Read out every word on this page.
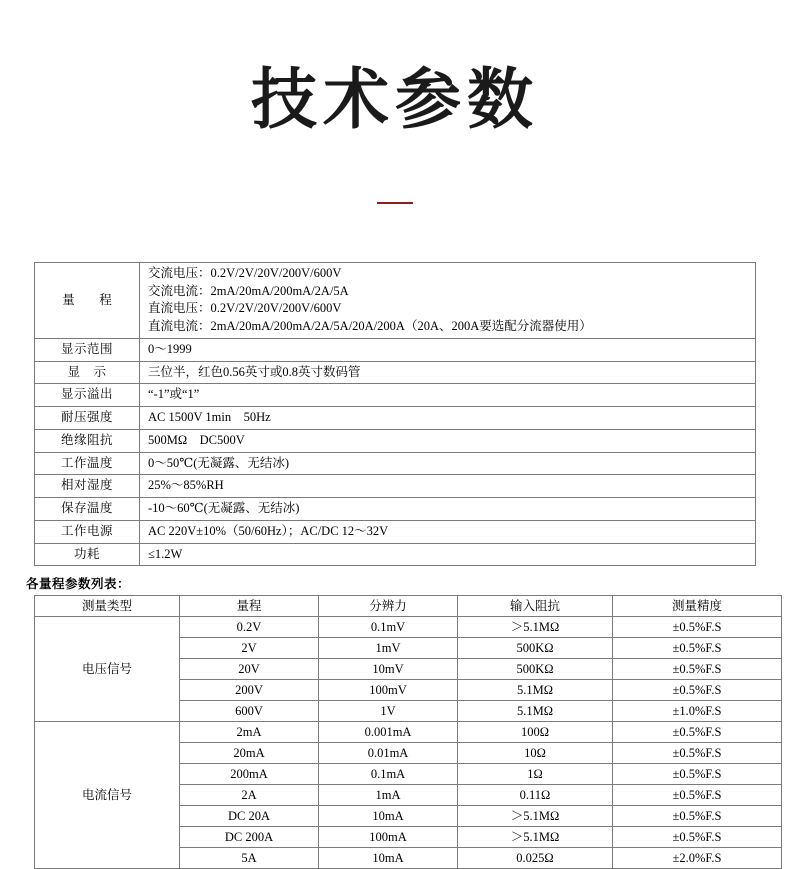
技术参数
量　程	交流电压：0.2V/2V/20V/200V/600V
交流电流：2mA/20mA/200mA/2A/5A
直流电压：0.2V/2V/20V/200V/600V
直流电流：2mA/20mA/200mA/2A/5A/20A/200A（20A、200A要选配分流器使用）

显示范围	0～1999
显　示	三位半，红色0.56英寸或0.8英寸数码管
显示溢出	“-1”或“1”
耐压强度	AC 1500V 1min　50Hz
绝缘阻抗	500MΩ　DC500V
工作温度	0～50℃(无凝露、无结冰)
相对湿度	25%～85%RH
保存温度	-10～60℃(无凝露、无结冰)
工作电源	AC 220V±10%（50/60Hz）；AC/DC 12～32V
功耗	≤1.2W
各量程参数列表：
测量类型	量程	分辨力	输入阻抗	测量精度
电压信号	0.2V	0.1mV	＞5.1MΩ	±0.5%F.S
	2V	1mV	500KΩ	±0.5%F.S
	20V	10mV	500KΩ	±0.5%F.S
	200V	100mV	5.1MΩ	±0.5%F.S
	600V	1V	5.1MΩ	±1.0%F.S
电流信号	2mA	0.001mA	100Ω	±0.5%F.S
	20mA	0.01mA	10Ω	±0.5%F.S
	200mA	0.1mA	1Ω	±0.5%F.S
	2A	1mA	0.11Ω	±0.5%F.S
	DC 20A	10mA	＞5.1MΩ	±0.5%F.S
	DC 200A	100mA	＞5.1MΩ	±0.5%F.S
	5A	10mA	0.025Ω	±2.0%F.S
